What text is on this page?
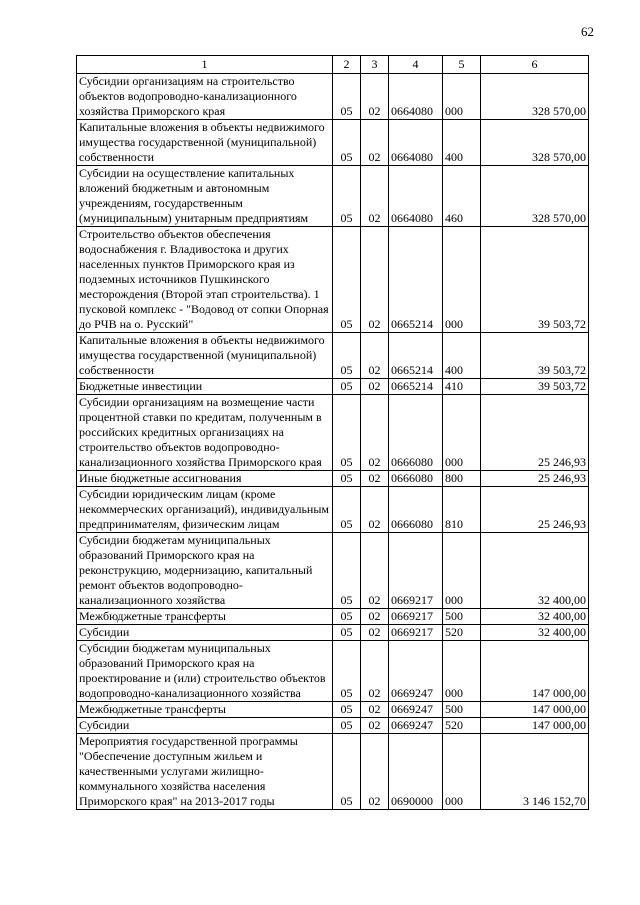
62
1	2	3	4	5	6
Субсидии организациям на строительство объектов водопроводно-канализационного хозяйства Приморского края	05	02	0664080	000	328 570,00
Капитальные вложения в объекты недвижимого имущества государственной (муниципальной) собственности	05	02	0664080	400	328 570,00
Субсидии на осуществление капитальных вложений бюджетным и автономным учреждениям, государственным (муниципальным) унитарным предприятиям	05	02	0664080	460	328 570,00
Строительство объектов обеспечения водоснабжения г. Владивостока и других населенных пунктов Приморского края из подземных источников Пушкинского месторождения (Второй этап строительства). 1 пусковой комплекс - "Водовод от сопки Опорная до РЧВ на о. Русский"	05	02	0665214	000	39 503,72
Капитальные вложения в объекты недвижимого имущества государственной (муниципальной) собственности	05	02	0665214	400	39 503,72
Бюджетные инвестиции	05	02	0665214	410	39 503,72
Субсидии организациям на возмещение части процентной ставки по кредитам, полученным в российских кредитных организациях на строительство объектов водопроводно-канализационного хозяйства Приморского края	05	02	0666080	000	25 246,93
Иные бюджетные ассигнования	05	02	0666080	800	25 246,93
Субсидии юридическим лицам (кроме некоммерческих организаций), индивидуальным предпринимателям, физическим лицам	05	02	0666080	810	25 246,93
Субсидии бюджетам муниципальных образований Приморского края на реконструкцию, модернизацию, капитальный ремонт объектов водопроводно-канализационного хозяйства	05	02	0669217	000	32 400,00
Межбюджетные трансферты	05	02	0669217	500	32 400,00
Субсидии	05	02	0669217	520	32 400,00
Субсидии бюджетам муниципальных образований Приморского края на проектирование и (или) строительство объектов водопроводно-канализационного хозяйства	05	02	0669247	000	147 000,00
Межбюджетные трансферты	05	02	0669247	500	147 000,00
Субсидии	05	02	0669247	520	147 000,00
Мероприятия государственной программы "Обеспечение доступным жильем и качественными услугами жилищно-коммунального хозяйства населения Приморского края" на 2013-2017 годы	05	02	0690000	000	3 146 152,70
